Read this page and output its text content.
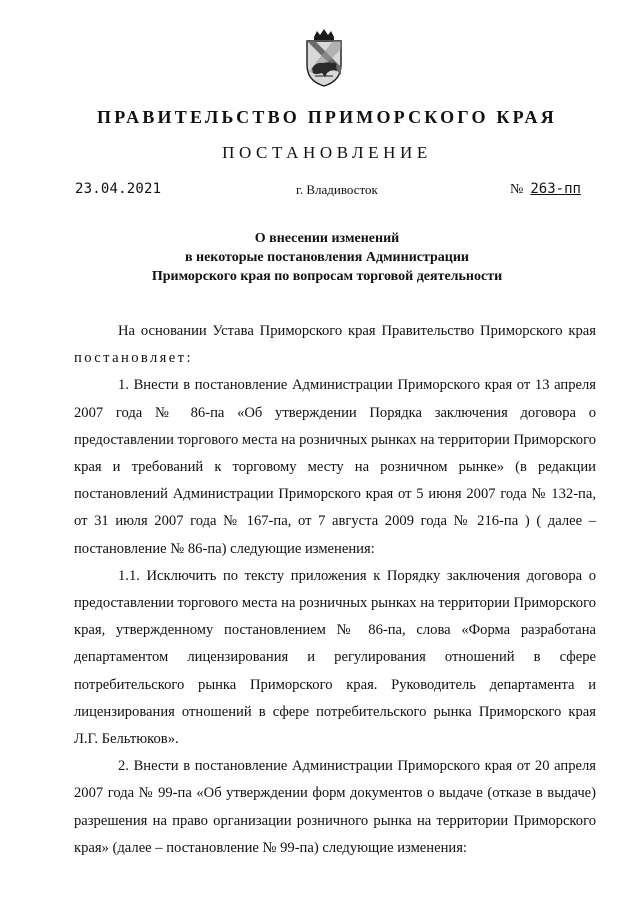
ПРАВИТЕЛЬСТВО ПРИМОРСКОГО КРАЯ
ПОСТАНОВЛЕНИЕ
23.04.2021	г. Владивосток	№ 263-пп
О внесении изменений
в некоторые постановления Администрации
Приморского края по вопросам торговой деятельности

На основании Устава Приморского края Правительство Приморского края постановляет:

1. Внести в постановление Администрации Приморского края от 13 апреля 2007 года № 86-па «Об утверждении Порядка заключения договора о предоставлении торгового места на розничных рынках на территории Приморского края и требований к торговому месту на розничном рынке» (в редакции постановлений Администрации Приморского края от 5 июня 2007 года № 132-па, от 31 июля 2007 года № 167-па, от 7 августа 2009 года № 216-па ) ( далее – постановление № 86-па) следующие изменения:

1.1. Исключить по тексту приложения к Порядку заключения договора о предоставлении торгового места на розничных рынках на территории Приморского края, утвержденному постановлением № 86-па, слова «Форма разработана департаментом лицензирования и регулирования отношений в сфере потребительского рынка Приморского края. Руководитель департамента и лицензирования отношений в сфере потребительского рынка Приморского края Л.Г. Бельтюков».

2. Внести в постановление Администрации Приморского края от 20 апреля 2007 года № 99-па «Об утверждении форм документов о выдаче (отказе в выдаче) разрешения на право организации розничного рынка на территории Приморского края» (далее – постановление № 99-па) следующие изменения:
